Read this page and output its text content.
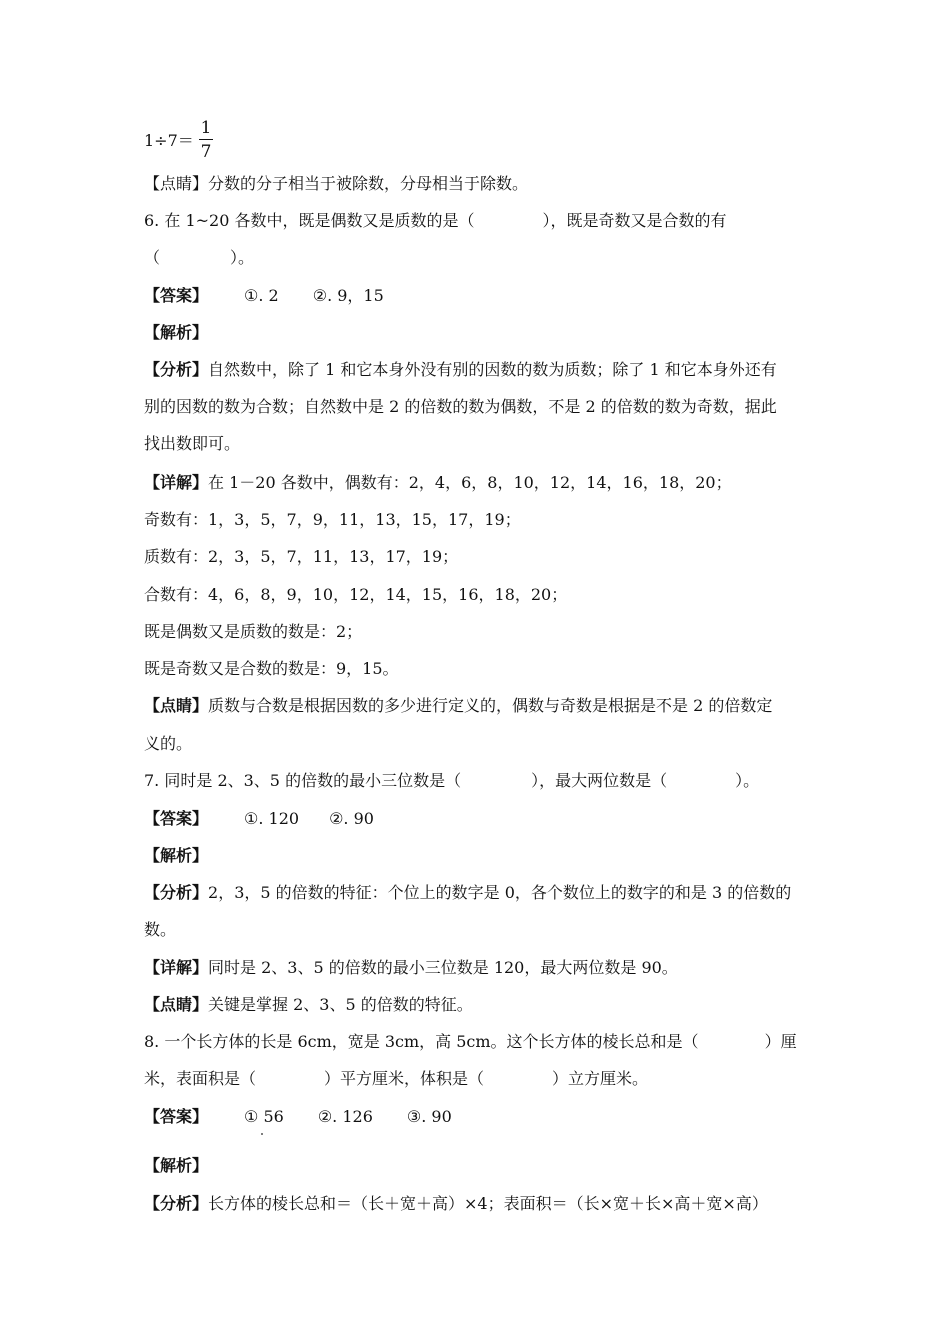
1÷7＝
1
7
【点睛】分数的分子相当于被除数，分母相当于除数。
6. 在 1~20 各数中，既是偶数又是质数的是（	），既是奇数又是合数的有
（	）。
【答案】 ①. 2 ②. 9，15
【解析】
【分析】自然数中，除了 1 和它本身外没有别的因数的数为质数；除了 1 和它本身外还有
别的因数的数为合数；自然数中是 2 的倍数的数为偶数，不是 2 的倍数的数为奇数，据此
找出数即可。
【详解】在 1－20 各数中，偶数有：2，4，6，8，10，12，14，16，18，20；
奇数有：1，3，5，7，9，11，13，15，17，19；
质数有：2，3，5，7，11，13，17，19；
合数有：4，6，8，9，10，12，14，15，16，18，20；
既是偶数又是质数的数是：2；
既是奇数又是合数的数是：9，15。
【点睛】质数与合数是根据因数的多少进行定义的，偶数与奇数是根据是不是 2 的倍数定
义的。
7. 同时是 2、3、5 的倍数的最小三位数是（	），最大两位数是（	）。
【答案】 ①. 120 ②. 90
【解析】
【分析】2，3，5 的倍数的特征：个位上的数字是 0，各个数位上的数字的和是 3 的倍数的
数。
【详解】同时是 2、3、5 的倍数的最小三位数是 120，最大两位数是 90。
【点睛】关键是掌握 2、3、5 的倍数的特征。
8. 一个长方体的长是 6cm，宽是 3cm，高 5cm。这个长方体的棱长总和是（	）厘
米，表面积是（	）平方厘米，体积是（	）立方厘米。
【答案】 ① 56 ②. 126 ③. 90
【解析】
【分析】长方体的棱长总和＝（长＋宽＋高）×4；表面积＝（长×宽＋长×高＋宽×高）
